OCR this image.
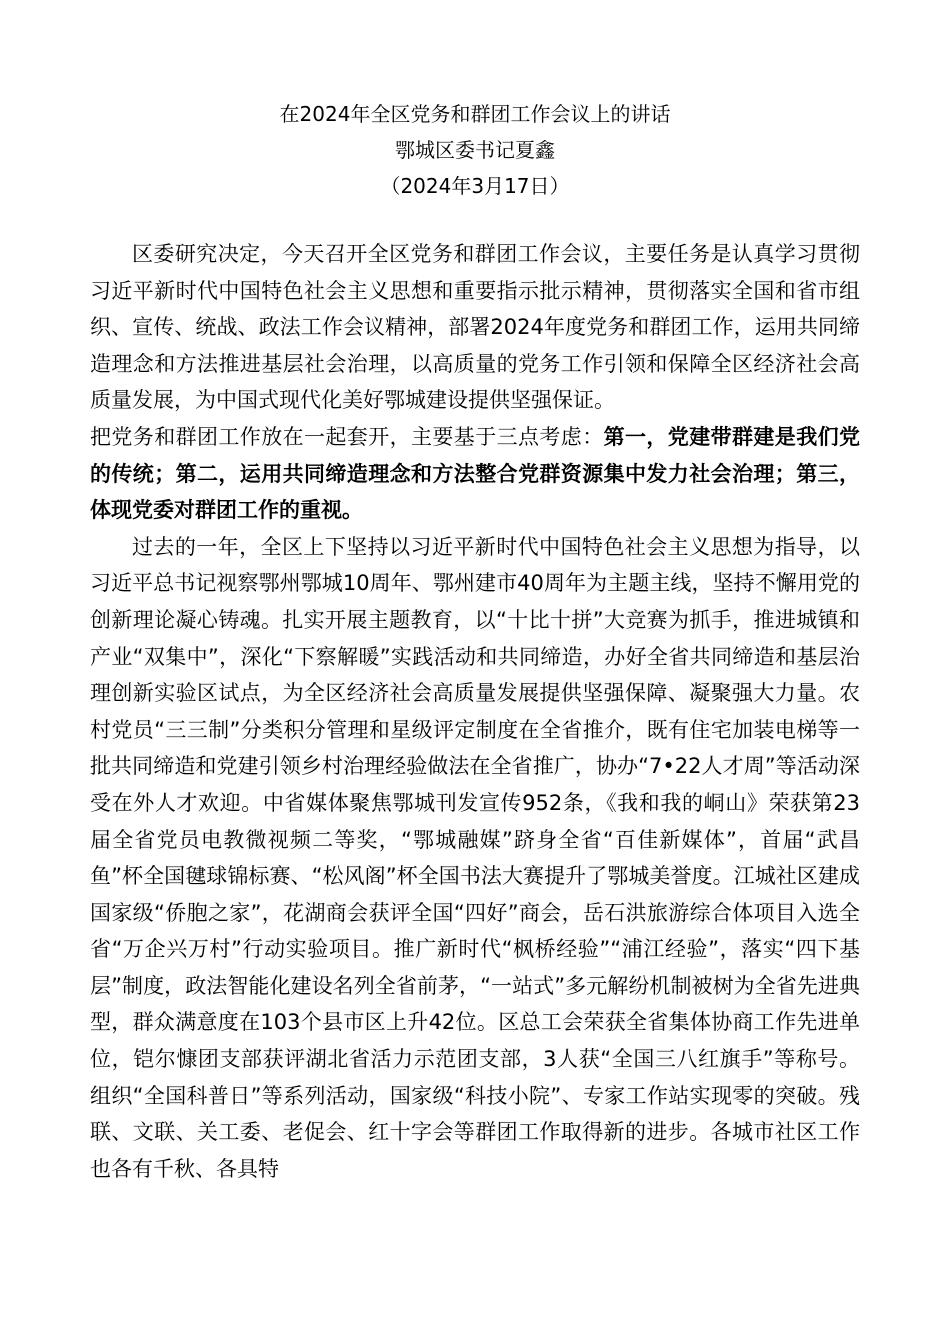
在2024年全区党务和群团工作会议上的讲话
鄂城区委书记夏鑫
（2024年3月17日）

区委研究决定，今天召开全区党务和群团工作会议，主要任务是认真学习贯彻习近平新时代中国特色社会主义思想和重要指示批示精神，贯彻落实全国和省市组织、宣传、统战、政法工作会议精神，部署2024年度党务和群团工作，运用共同缔造理念和方法推进基层社会治理，以高质量的党务工作引领和保障全区经济社会高质量发展，为中国式现代化美好鄂城建设提供坚强保证。

把党务和群团工作放在一起套开，主要基于三点考虑：第一，党建带群建是我们党的传统；第二，运用共同缔造理念和方法整合党群资源集中发力社会治理；第三，体现党委对群团工作的重视。

过去的一年，全区上下坚持以习近平新时代中国特色社会主义思想为指导，以习近平总书记视察鄂州鄂城10周年、鄂州建市40周年为主题主线，坚持不懈用党的创新理论凝心铸魂。扎实开展主题教育，以“十比十拼”大竞赛为抓手，推进城镇和产业“双集中”，深化“下察解暖”实践活动和共同缔造，办好全省共同缔造和基层治理创新实验区试点，为全区经济社会高质量发展提供坚强保障、凝聚强大力量。农村党员“三三制”分类积分管理和星级评定制度在全省推介，既有住宅加装电梯等一批共同缔造和党建引领乡村治理经验做法在全省推广，协办“7•22人才周”等活动深受在外人才欢迎。中省媒体聚焦鄂城刊发宣传952条，《我和我的峒山》荣获第23届全省党员电教微视频二等奖，“鄂城融媒”跻身全省“百佳新媒体”，首届“武昌鱼”杯全国毽球锦标赛、“松风阁”杯全国书法大赛提升了鄂城美誉度。江城社区建成国家级“侨胞之家”，花湖商会获评全国“四好”商会，岳石洪旅游综合体项目入选全省“万企兴万村”行动实验项目。推广新时代“枫桥经验”“浦江经验”，落实“四下基层”制度，政法智能化建设名列全省前茅，“一站式”多元解纷机制被树为全省先进典型，群众满意度在103个县市区上升42位。区总工会荣获全省集体协商工作先进单位，铠尔慷团支部获评湖北省活力示范团支部，3人获“全国三八红旗手”等称号。组织“全国科普日”等系列活动，国家级“科技小院”、专家工作站实现零的突破。残联、文联、关工委、老促会、红十字会等群团工作取得新的进步。各城市社区工作也各有千秋、各具特
